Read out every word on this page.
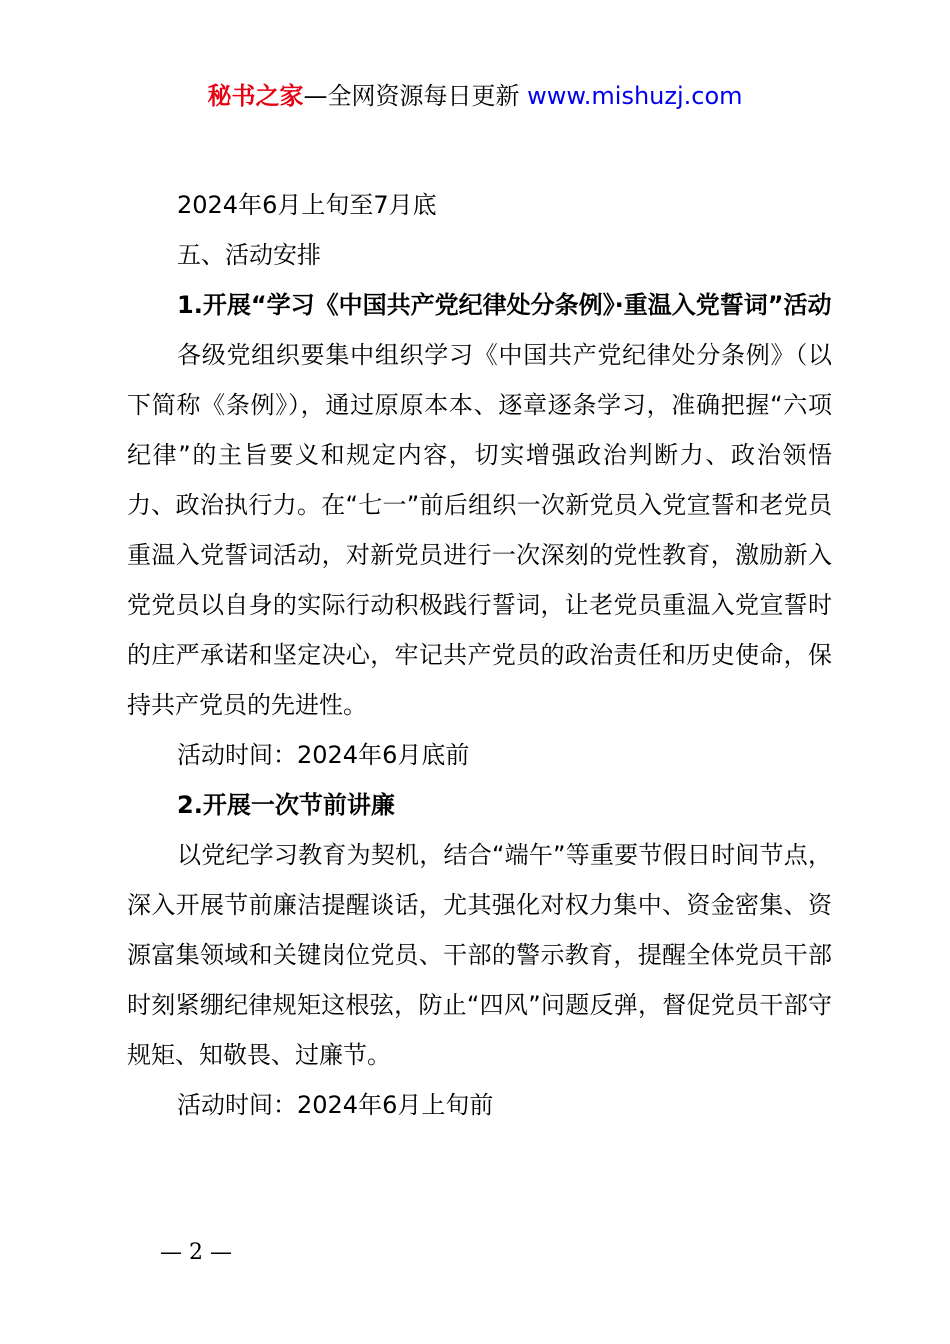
秘书之家—全网资源每日更新 www.mishuzj.com

2024年6月上旬至7月底

五、活动安排

1.开展“学习《中国共产党纪律处分条例》·重温入党誓词”活动

各级党组织要集中组织学习《中国共产党纪律处分条例》（以下简称《条例》），通过原原本本、逐章逐条学习，准确把握“六项纪律”的主旨要义和规定内容，切实增强政治判断力、政治领悟力、政治执行力。在“七一”前后组织一次新党员入党宣誓和老党员重温入党誓词活动，对新党员进行一次深刻的党性教育，激励新入党党员以自身的实际行动积极践行誓词，让老党员重温入党宣誓时的庄严承诺和坚定决心，牢记共产党员的政治责任和历史使命，保持共产党员的先进性。

活动时间：2024年6月底前

2.开展一次节前讲廉

以党纪学习教育为契机，结合“端午”等重要节假日时间节点，深入开展节前廉洁提醒谈话，尤其强化对权力集中、资金密集、资源富集领域和关键岗位党员、干部的警示教育，提醒全体党员干部时刻紧绷纪律规矩这根弦，防止“四风”问题反弹，督促党员干部守规矩、知敬畏、过廉节。

活动时间：2024年6月上旬前

— 2 —
